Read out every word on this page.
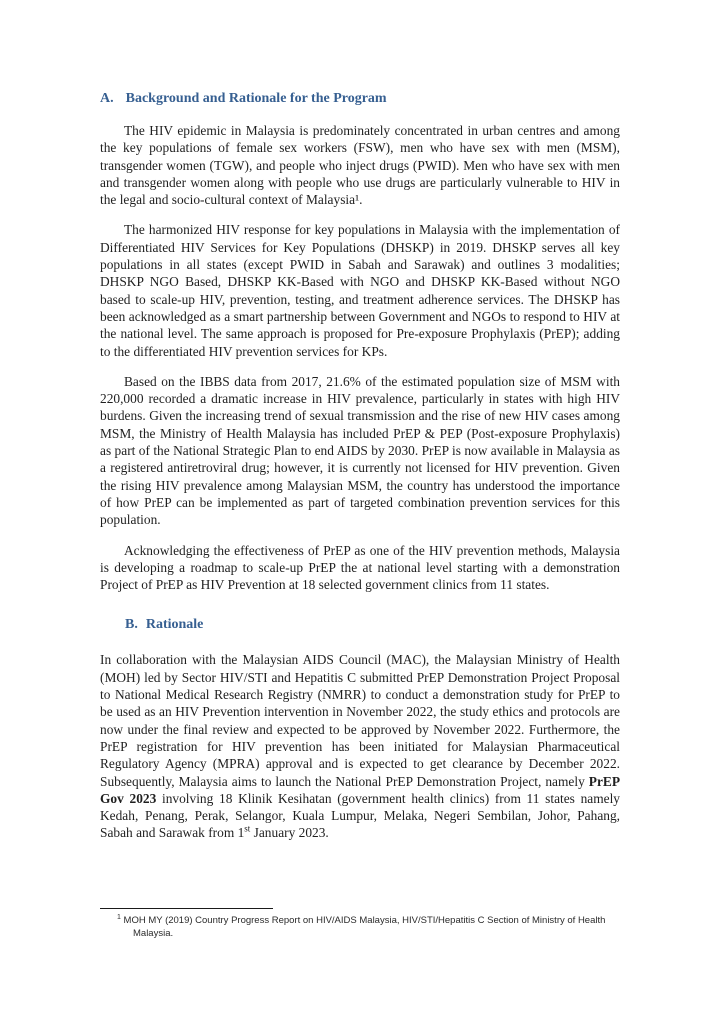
A. Background and Rationale for the Program

The HIV epidemic in Malaysia is predominately concentrated in urban centres and among the key populations of female sex workers (FSW), men who have sex with men (MSM), transgender women (TGW), and people who inject drugs (PWID). Men who have sex with men and transgender women along with people who use drugs are particularly vulnerable to HIV in the legal and socio-cultural context of Malaysia¹.

The harmonized HIV response for key populations in Malaysia with the implementation of Differentiated HIV Services for Key Populations (DHSKP) in 2019. DHSKP serves all key populations in all states (except PWID in Sabah and Sarawak) and outlines 3 modalities; DHSKP NGO Based, DHSKP KK-Based with NGO and DHSKP KK-Based without NGO based to scale-up HIV, prevention, testing, and treatment adherence services. The DHSKP has been acknowledged as a smart partnership between Government and NGOs to respond to HIV at the national level. The same approach is proposed for Pre-exposure Prophylaxis (PrEP); adding to the differentiated HIV prevention services for KPs.

Based on the IBBS data from 2017, 21.6% of the estimated population size of MSM with 220,000 recorded a dramatic increase in HIV prevalence, particularly in states with high HIV burdens. Given the increasing trend of sexual transmission and the rise of new HIV cases among MSM, the Ministry of Health Malaysia has included PrEP & PEP (Post-exposure Prophylaxis) as part of the National Strategic Plan to end AIDS by 2030. PrEP is now available in Malaysia as a registered antiretroviral drug; however, it is currently not licensed for HIV prevention. Given the rising HIV prevalence among Malaysian MSM, the country has understood the importance of how PrEP can be implemented as part of targeted combination prevention services for this population.

Acknowledging the effectiveness of PrEP as one of the HIV prevention methods, Malaysia is developing a roadmap to scale-up PrEP the at national level starting with a demonstration Project of PrEP as HIV Prevention at 18 selected government clinics from 11 states.

B. Rationale

In collaboration with the Malaysian AIDS Council (MAC), the Malaysian Ministry of Health (MOH) led by Sector HIV/STI and Hepatitis C submitted PrEP Demonstration Project Proposal to National Medical Research Registry (NMRR) to conduct a demonstration study for PrEP to be used as an HIV Prevention intervention in November 2022, the study ethics and protocols are now under the final review and expected to be approved by November 2022. Furthermore, the PrEP registration for HIV prevention has been initiated for Malaysian Pharmaceutical Regulatory Agency (MPRA) approval and is expected to get clearance by December 2022. Subsequently, Malaysia aims to launch the National PrEP Demonstration Project, namely PrEP Gov 2023 involving 18 Klinik Kesihatan (government health clinics) from 11 states namely Kedah, Penang, Perak, Selangor, Kuala Lumpur, Melaka, Negeri Sembilan, Johor, Pahang, Sabah and Sarawak from 1st January 2023.

$^1$ MOH MY (2019) Country Progress Report on HIV/AIDS Malaysia, HIV/STI/Hepatitis C Section of Ministry of Health Malaysia.
